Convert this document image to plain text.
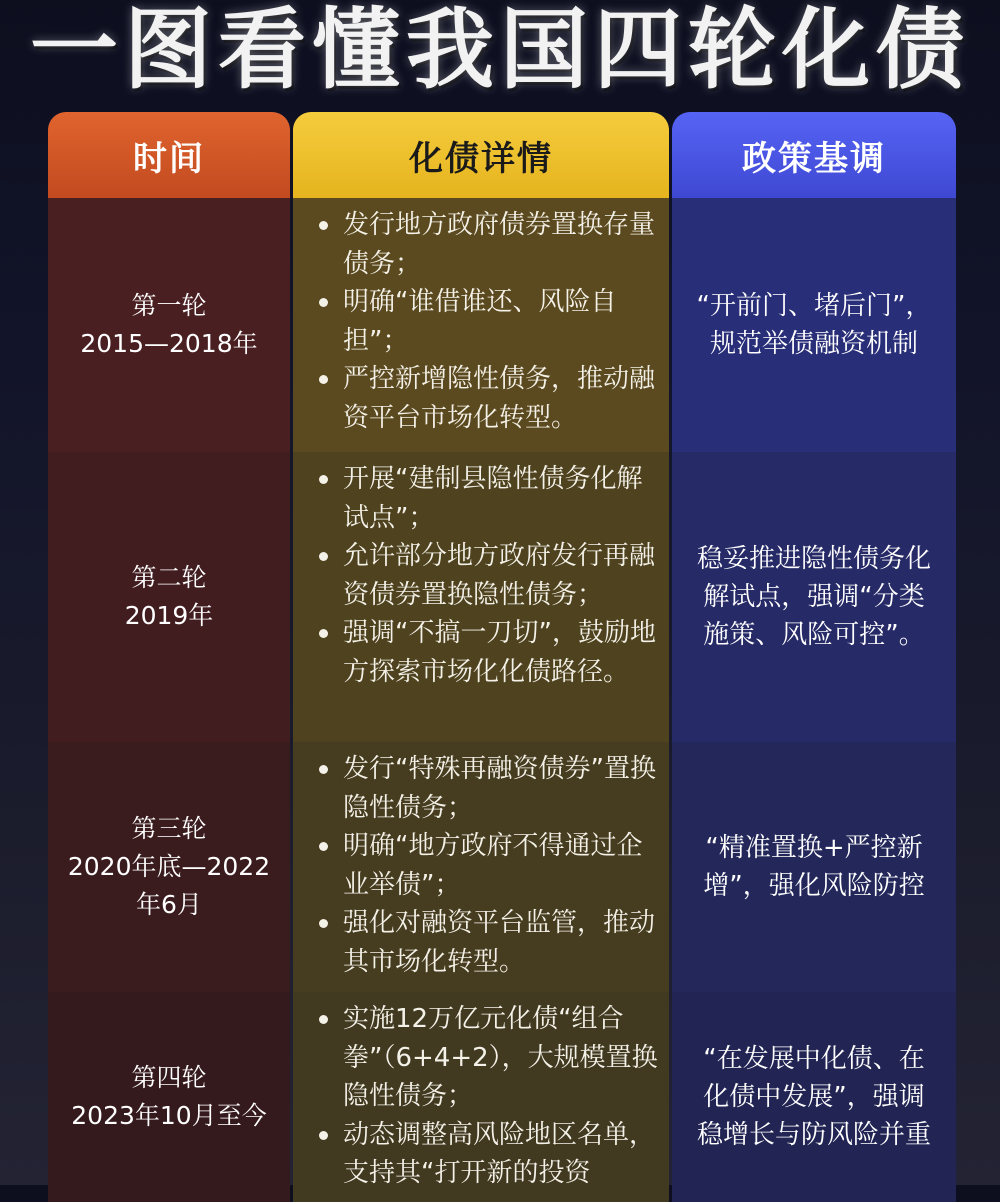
一图看懂我国四轮化债
时间	化债详情	政策基调
第一轮
2015—2018年
发行地方政府债券置换存量债务；
明确“谁借谁还、风险自担”；
严控新增隐性债务，推动融资平台市场化转型。
“开前门、堵后门”，
规范举债融资机制
第二轮
2019年
开展“建制县隐性债务化解试点”；
允许部分地方政府发行再融资债券置换隐性债务；
强调“不搞一刀切”，鼓励地方探索市场化化债路径。
稳妥推进隐性债务化
解试点，强调“分类
施策、风险可控”。
第三轮
2020年底—2022
年6月
发行“特殊再融资债券”置换隐性债务；
明确“地方政府不得通过企业举债”；
强化对融资平台监管，推动其市场化转型。
“精准置换+严控新
增”，强化风险防控
第四轮
2023年10月至今
实施12万亿元化债“组合拳”（6+4+2），大规模置换隐性债务；
动态调整高风险地区名单，支持其“打开新的投资
“在发展中化债、在
化债中发展”，强调
稳增长与防风险并重
